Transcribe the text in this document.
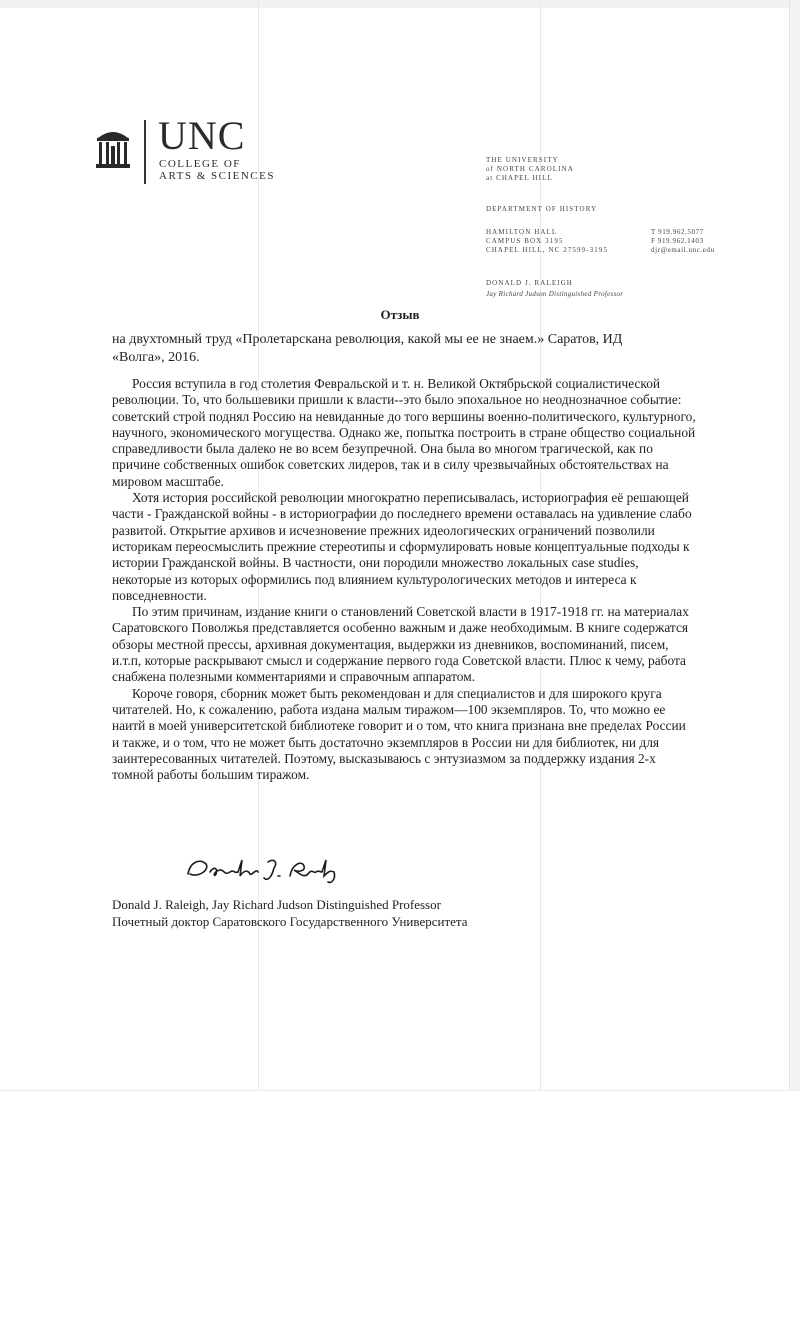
UNC
COLLEGE OF
ARTS & SCIENCES
THE UNIVERSITY
of NORTH CAROLINA
at CHAPEL HILL
DEPARTMENT OF HISTORY
HAMILTON HALL
CAMPUS BOX 3195
CHAPEL HILL, NC 27599-3195
T 919.962.5077
F 919.962.1403
djr@email.unc.edu
DONALD J. RALEIGH
Jay Richard Judson Distinguished Professor
Отзыв
на двухтомный труд «Пролетарскана революция, какой мы ее не знаем.» Саратов, ИД «Волга», 2016.

Россия вступила в год столетия Февральской и т. н. Великой Октябрьской социалистической революции. То, что большевики пришли к власти--это было эпохальное но неоднозначное событие: советский строй поднял Россию на невиданные до того вершины военно-политического, культурного, научного, экономического могущества. Однако же, попытка построить в стране общество социальной справедливости была далеко не во всем безупречной. Она была во многом трагической, как по причине собственных ошибок советских лидеров, так и в силу чрезвычайных обстоятельствах на мировом масштабе.

Хотя история российской революции многократно переписывалась, историография её решающей части - Гражданской войны - в историографии до последнего времени оставалась на удивление слабо развитой. Открытие архивов и исчезновение прежних идеологических ограничений позволили историкам переосмыслить прежние стереотипы и сформулировать новые концептуальные подходы к истории Гражданской войны. В частности, они породили множество локальных case studies, некоторые из которых оформились под влиянием культурологических методов и интереса к повседневности.

По этим причинам, издание книги о становлений Советской власти в 1917-1918 гг. на материалах Саратовского Поволжья представляется особенно важным и даже необходимым. В книге содержатся обзоры местной прессы, архивная документация, выдержки из дневников, воспоминаний, писем, и.т.п, которые раскрывают смысл и содержание первого года Советской власти. Плюс к чему, работа снабжена полезными комментариями и справочным аппаратом.

Короче говоря, сборник может быть рекомендован и для специалистов и для широкого круга читателей. Но, к сожалению, работа издана малым тиражом—100 экземпляров. То, что можно ее наитй в моей университетской библиотеке говорит и о том, что книга признана вне пределах России и также, и о том, что не может быть достаточно экземпляров в России ни для библиотек, ни для заинтересованных читателей. Поэтому, высказываюсь с энтузиазмом за поддержку издания 2-х томной работы большим тиражом.

Donald J. Raleigh, Jay Richard Judson Distinguished Professor
Почетный доктор Саратовского Государственного Университета
